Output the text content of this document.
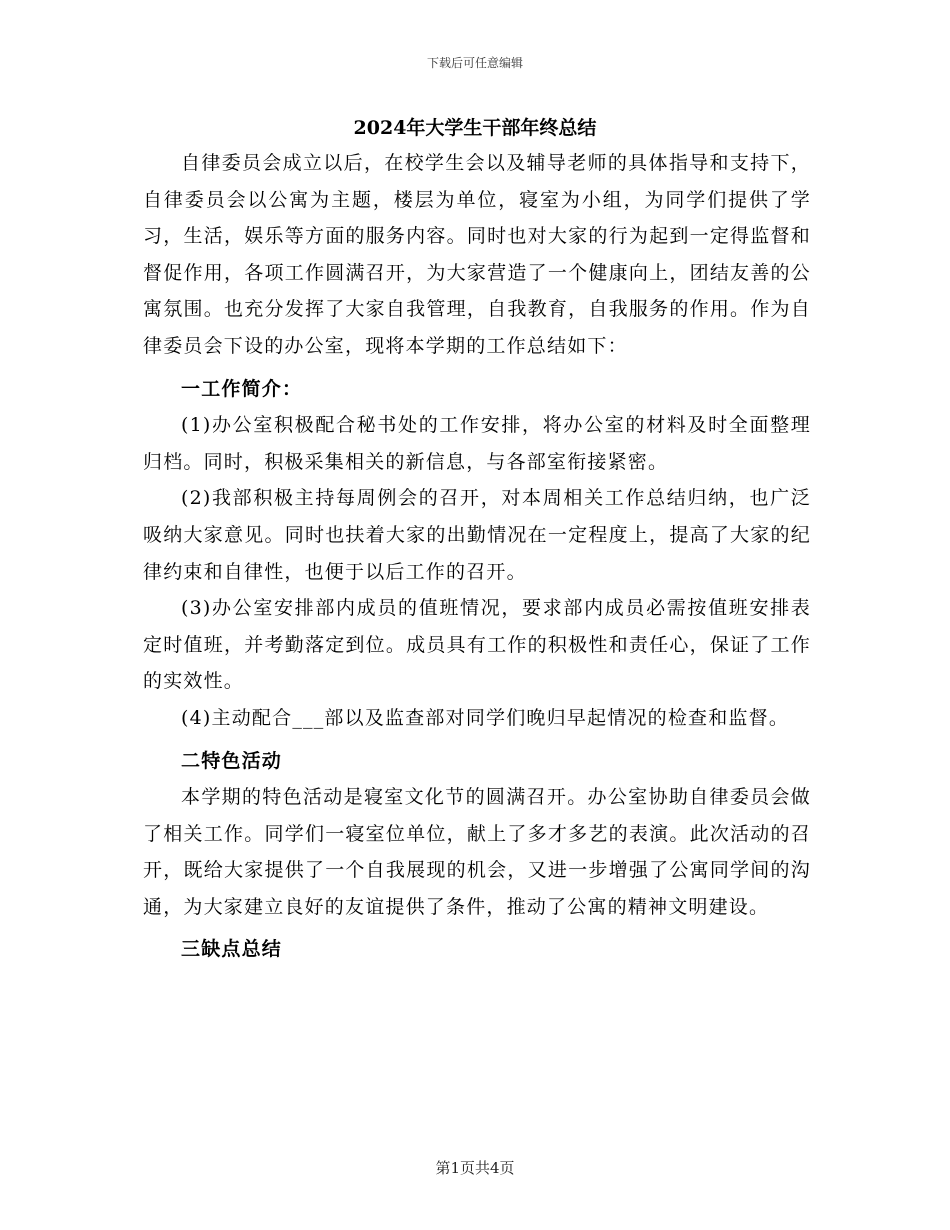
下载后可任意编辑
2024年大学生干部年终总结

自律委员会成立以后，在校学生会以及辅导老师的具体指导和支持下，自律委员会以公寓为主题，楼层为单位，寝室为小组，为同学们提供了学习，生活，娱乐等方面的服务内容。同时也对大家的行为起到一定得监督和督促作用，各项工作圆满召开，为大家营造了一个健康向上，团结友善的公寓氛围。也充分发挥了大家自我管理，自我教育，自我服务的作用。作为自律委员会下设的办公室，现将本学期的工作总结如下：

一工作简介：

(1)办公室积极配合秘书处的工作安排，将办公室的材料及时全面整理归档。同时，积极采集相关的新信息，与各部室衔接紧密。

(2)我部积极主持每周例会的召开，对本周相关工作总结归纳，也广泛吸纳大家意见。同时也扶着大家的出勤情况在一定程度上，提高了大家的纪律约束和自律性，也便于以后工作的召开。

(3)办公室安排部内成员的值班情况，要求部内成员必需按值班安排表定时值班，并考勤落定到位。成员具有工作的积极性和责任心，保证了工作的实效性。

(4)主动配合___部以及监查部对同学们晚归早起情况的检查和监督。

二特色活动

本学期的特色活动是寝室文化节的圆满召开。办公室协助自律委员会做了相关工作。同学们一寝室位单位，献上了多才多艺的表演。此次活动的召开，既给大家提供了一个自我展现的机会，又进一步增强了公寓同学间的沟通，为大家建立良好的友谊提供了条件，推动了公寓的精神文明建设。

三缺点总结

第1页共4页
